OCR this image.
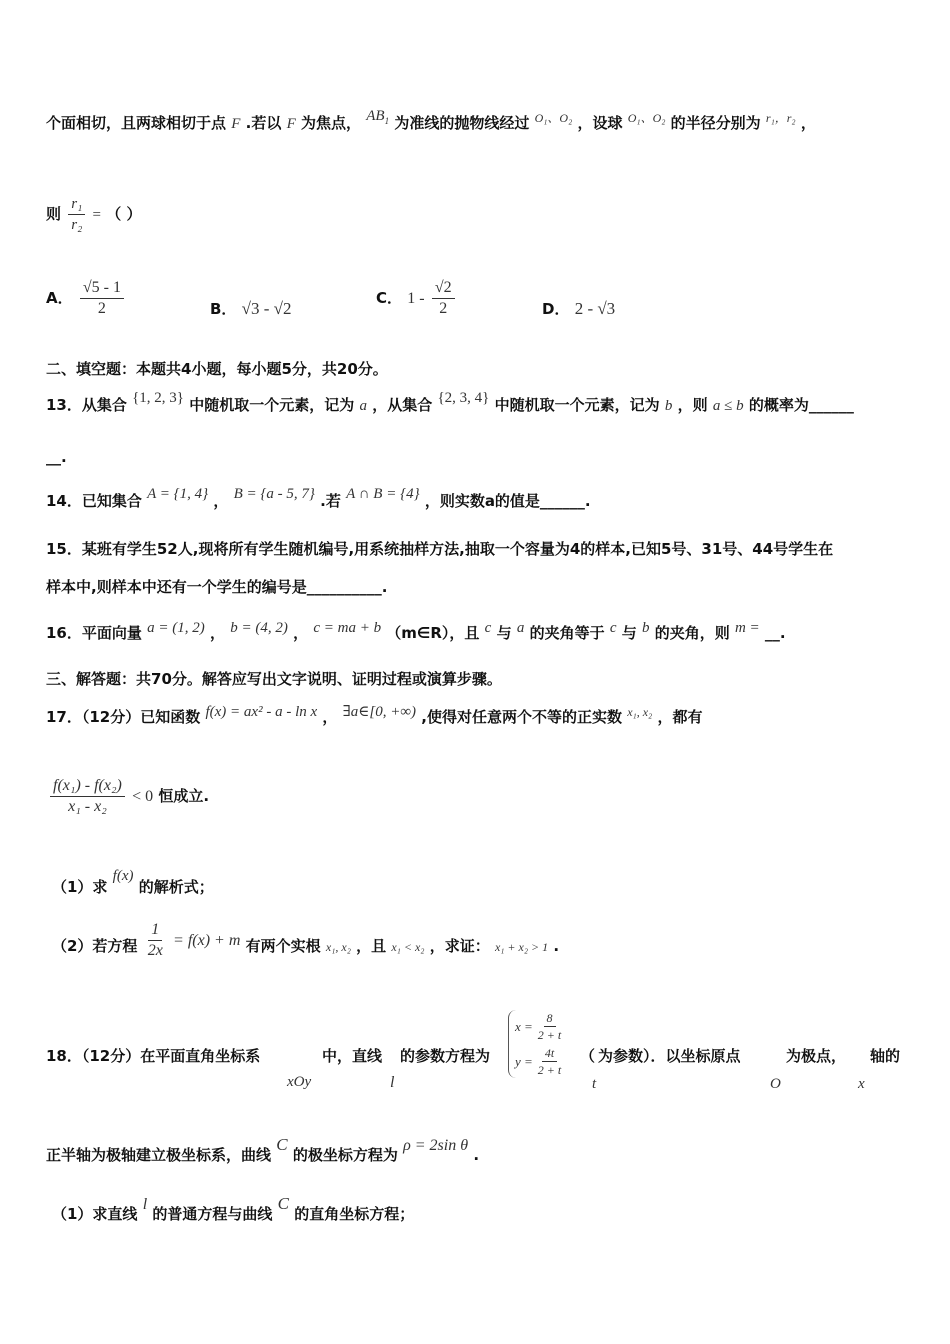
个面相切，且两球相切于点 F .若以 F 为焦点， $AB_1$ 为准线的抛物线经过 $^{O_1、O_2}$ ，设球 $^{O_1、O_2}$ 的半径分别为 $^{r_1,r_2}$ ，
则 $\frac{\text{r₁}}{\text{r₂}}$ = （ ）
A． $\frac{√5 - 1}{2}$	B． √3 - √2
C． $1 - \frac{√2}{2}$	D． 2 - √3
二、填空题：本题共4小题，每小题5分，共20分。
13．从集合 {1, 2, 3} 中随机取一个元素，记为 a ，从集合 {2, 3, 4} 中随机取一个元素，记为 b ，则 a ≤ b 的概率为______
__.
14．已知集合 A = {1, 4} ， B = {a - 5, 7} .若 A ∩ B = {4} ，则实数a的值是______.
15．某班有学生52人,现将所有学生随机编号,用系统抽样方法,抽取一个容量为4的样本,已知5号、31号、44号学生在
样本中,则样本中还有一个学生的编号是__________.
16．平面向量 a = (1, 2) ， b = (4, 2) ， c = ma + b （m∈R），且 c 与 a 的夹角等于 c 与 b 的夹角，则 m = __.
三、解答题：共70分。解答应写出文字说明、证明过程或演算步骤。
17．（12分）已知函数 f(x) = ax² - a - ln x ， ∃a∈[0, +∞) ,使得对任意两个不等的正实数 $^{x_1, x_2}$ ，都有
$\frac{\text{f(x₁) - f(x₂)}}{\text{x₁ - x₂}} < 0$ 恒成立.
（1）求 f(x) 的解析式；
（2）若方程 $\frac{1}{2x} = f(x) + m$ 有两个实根 x₁, x₂ ，且 x₁ < x₂ ，求证： x₁ + x₂ > 1 .
18．（12分）在平面直角坐标系	中，直线 的参数方程为	（ 为参数）．以坐标原点	为极点， 轴的
xOy	l	t	O	x
$x = \frac{8}{2 + t}$
$y = \frac{4t}{2 + t}$
正半轴为极轴建立极坐标系，曲线 C 的极坐标方程为 ρ = 2sin θ .
（1）求直线 l 的普通方程与曲线 C 的直角坐标方程；
